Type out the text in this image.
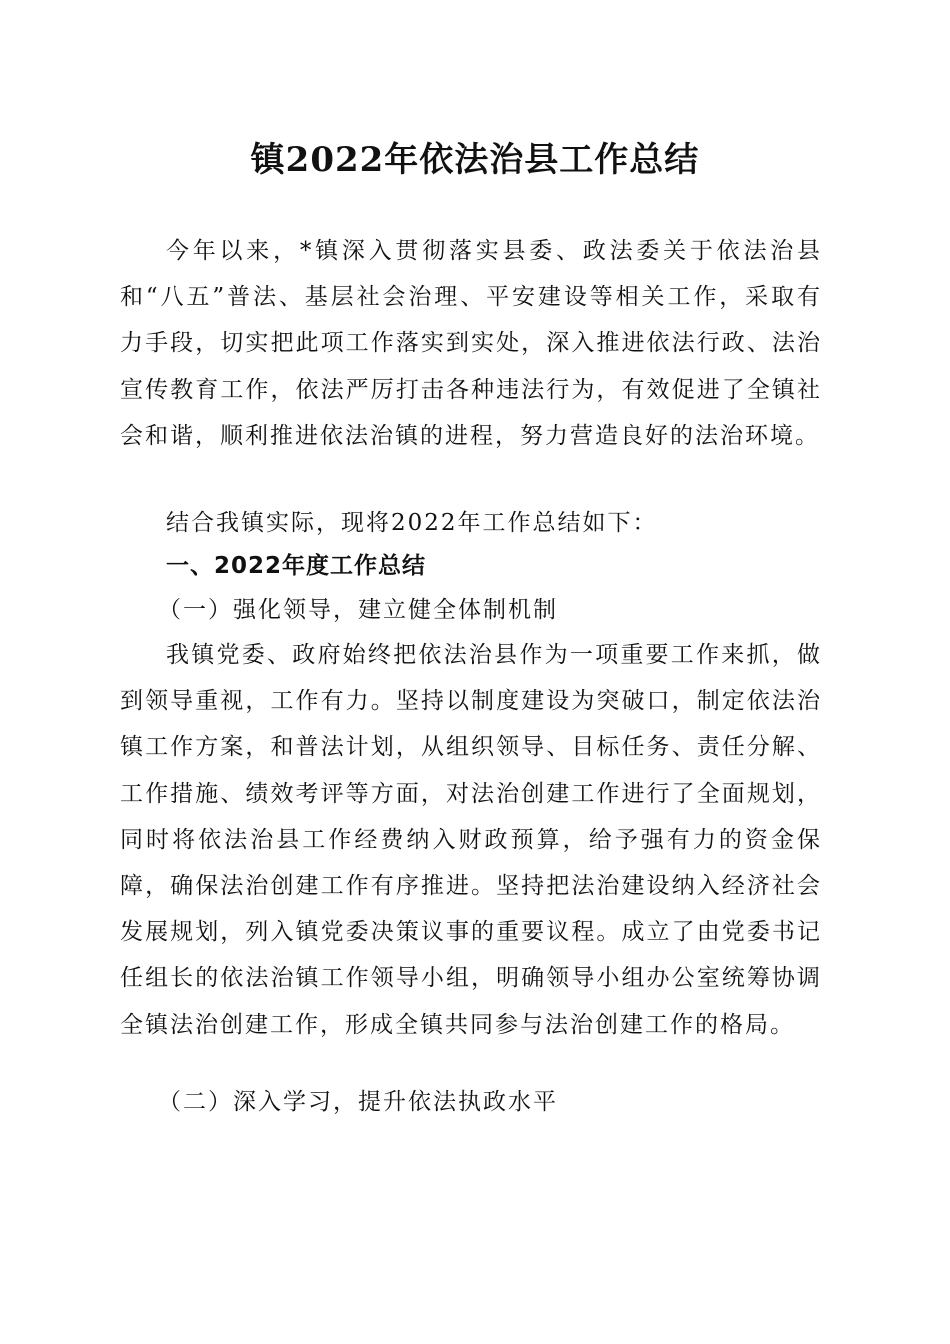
镇2022年依法治县工作总结
今年以来，*镇深入贯彻落实县委、政法委关于依法治县和“八五”普法、基层社会治理、平安建设等相关工作，采取有力手段，切实把此项工作落实到实处，深入推进依法行政、法治宣传教育工作，依法严厉打击各种违法行为，有效促进了全镇社会和谐，顺利推进依法治镇的进程，努力营造良好的法治环境。
结合我镇实际，现将2022年工作总结如下：
一、2022年度工作总结
（一）强化领导，建立健全体制机制
我镇党委、政府始终把依法治县作为一项重要工作来抓，做到领导重视，工作有力。坚持以制度建设为突破口，制定依法治镇工作方案，和普法计划，从组织领导、目标任务、责任分解、工作措施、绩效考评等方面，对法治创建工作进行了全面规划，同时将依法治县工作经费纳入财政预算，给予强有力的资金保障，确保法治创建工作有序推进。坚持把法治建设纳入经济社会发展规划，列入镇党委决策议事的重要议程。成立了由党委书记任组长的依法治镇工作领导小组，明确领导小组办公室统筹协调全镇法治创建工作，形成全镇共同参与法治创建工作的格局。
（二）深入学习，提升依法执政水平
